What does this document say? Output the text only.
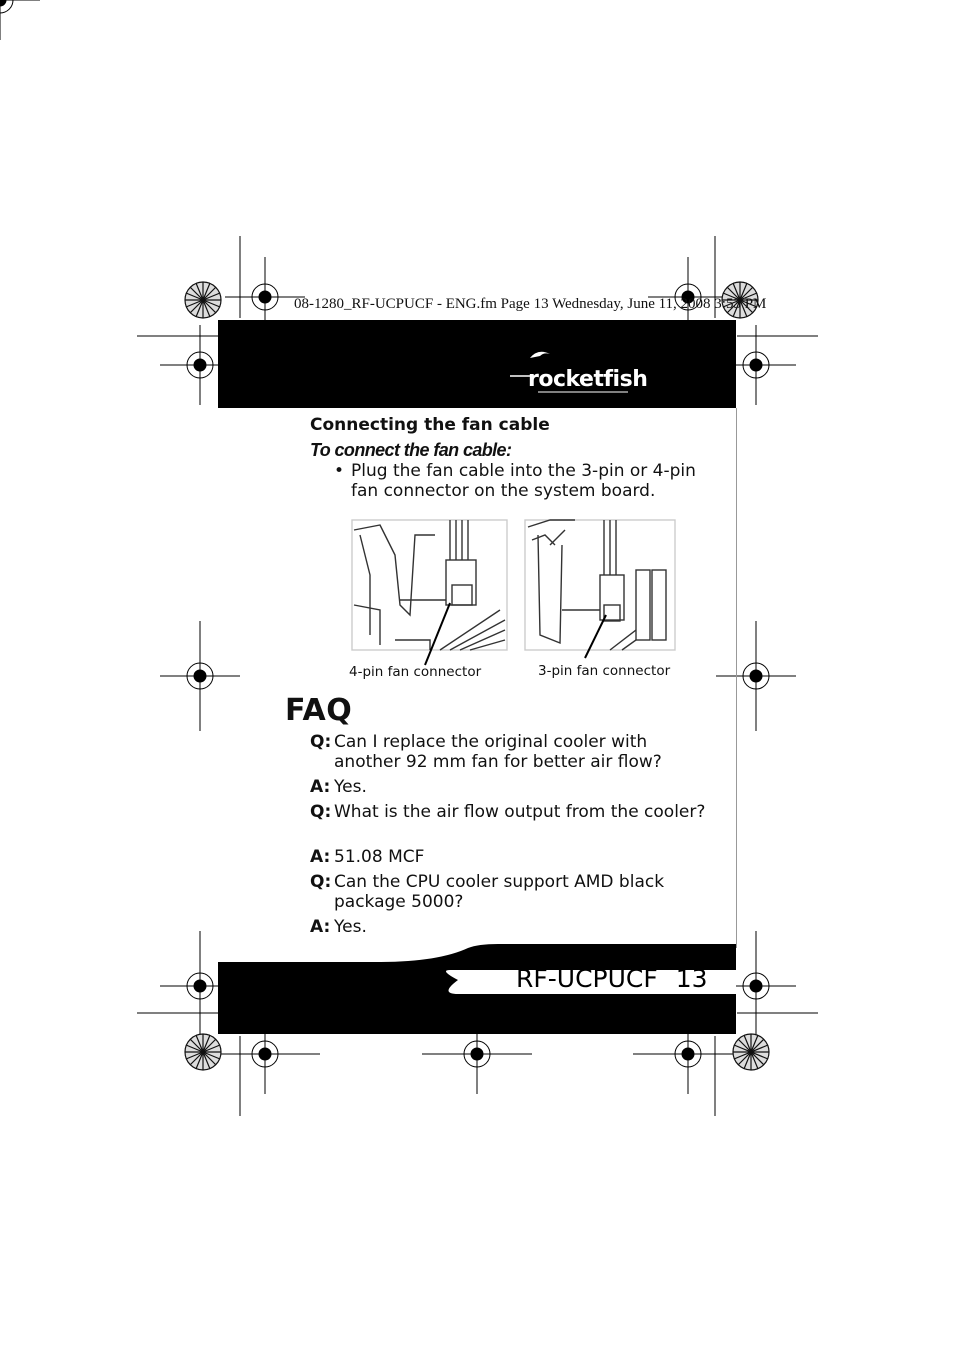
08-1280_RF-UCPUCF - ENG.fm Page 13 Wednesday, June 11, 2008 3:53 PM
rocketfish
Connecting the fan cable
To connect the fan cable:
• Plug the fan cable into the 3-pin or 4-pin fan connector on the system board.
4-pin fan connector	3-pin fan connector
FAQ
Q: Can I replace the original cooler with another 92 mm fan for better air flow?
A: Yes.
Q: What is the air flow output from the cooler?
A: 51.08 MCF
Q: Can the CPU cooler support AMD black package 5000?
A: Yes.
RF-UCPUCF 13
